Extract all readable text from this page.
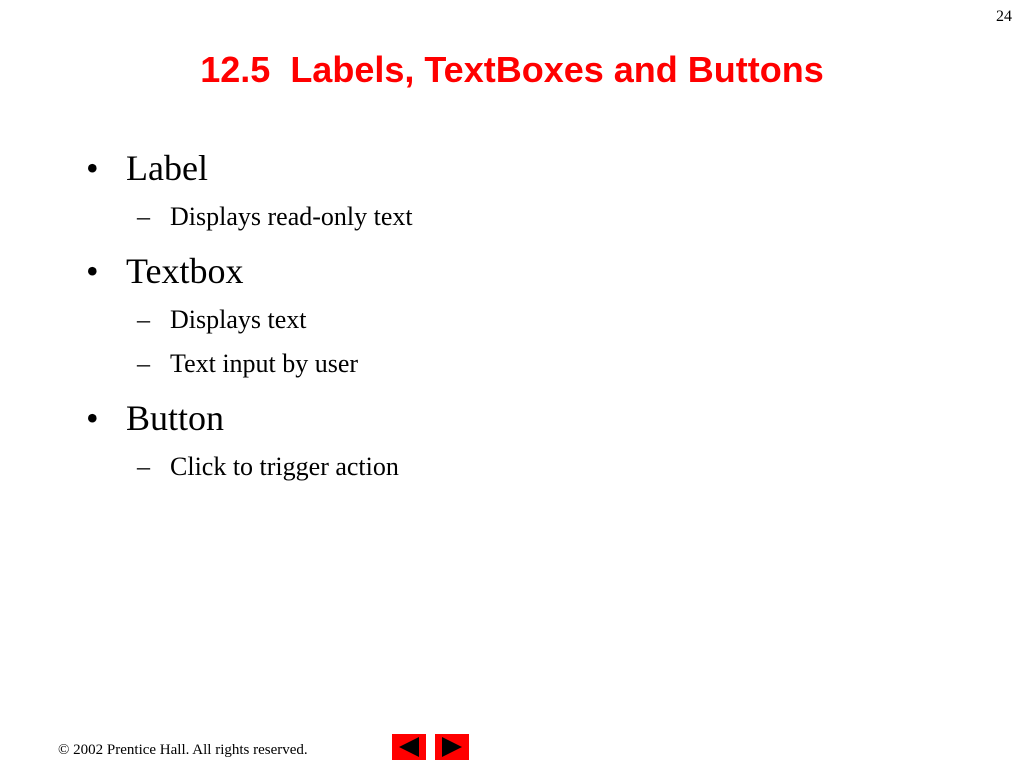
24
12.5 Labels, TextBoxes and Buttons
• Label
– Displays read-only text
• Textbox
– Displays text
– Text input by user
• Button
– Click to trigger action
© 2002 Prentice Hall. All rights reserved.
